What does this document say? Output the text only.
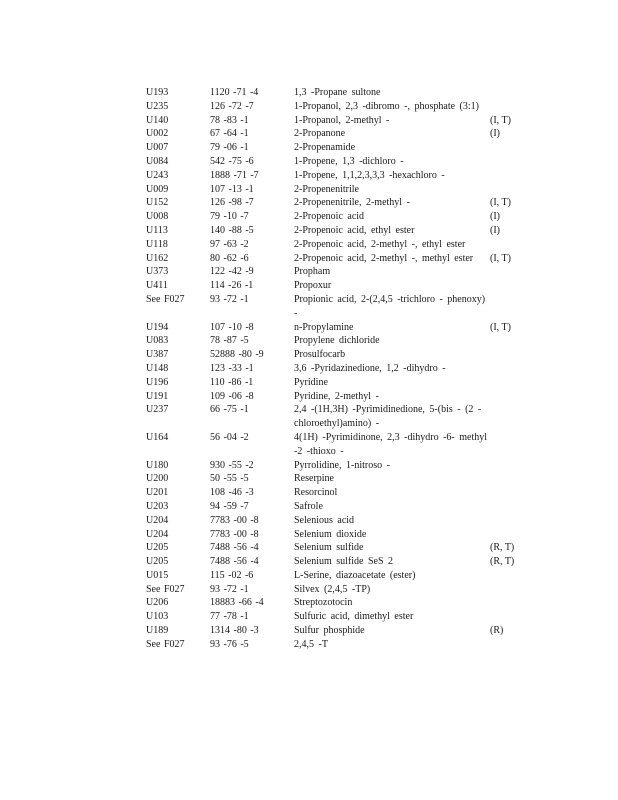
U193	1120 -71 -4	1,3 -Propane sultone
U235	126 -72 -7	1-Propanol, 2,3 -dibromo -, phosphate (3:1)
U140	78 -83 -1	1-Propanol, 2-methyl -	(I, T)
U002	67 -64 -1	2-Propanone	(I)
U007	79 -06 -1	2-Propenamide
U084	542 -75 -6	1-Propene, 1,3 -dichloro -
U243	1888 -71 -7	1-Propene, 1,1,2,3,3,3 -hexachloro -
U009	107 -13 -1	2-Propenenitrile
U152	126 -98 -7	2-Propenenitrile, 2-methyl -	(I, T)
U008	79 -10 -7	2-Propenoic acid	(I)
U113	140 -88 -5	2-Propenoic acid, ethyl ester	(I)
U118	97 -63 -2	2-Propenoic acid, 2-methyl -, ethyl ester
U162	80 -62 -6	2-Propenoic acid, 2-methyl -, methyl ester	(I, T)
U373	122 -42 -9	Propham
U411	114 -26 -1	Propoxur
See F027	93 -72 -1	Propionic acid, 2-(2,4,5 -trichloro - phenoxy) -
U194	107 -10 -8	n-Propylamine	(I, T)
U083	78 -87 -5	Propylene dichloride
U387	52888 -80 -9	Prosulfocarb
U148	123 -33 -1	3,6 -Pyridazinedione, 1,2 -dihydro -
U196	110 -86 -1	Pyridine
U191	109 -06 -8	Pyridine, 2-methyl -
U237	66 -75 -1	2,4 -(1H,3H) -Pyrimidinedione, 5-(bis - (2 -chloroethyl)amino) -
U164	56 -04 -2	4(1H) -Pyrimidinone, 2,3 -dihydro -6- methyl -2 -thioxo -
U180	930 -55 -2	Pyrrolidine, 1-nitroso -
U200	50 -55 -5	Reserpine
U201	108 -46 -3	Resorcinol
U203	94 -59 -7	Safrole
U204	7783 -00 -8	Selenious acid
U204	7783 -00 -8	Selenium dioxide
U205	7488 -56 -4	Selenium sulfide	(R, T)
U205	7488 -56 -4	Selenium sulfide SeS 2	(R, T)
U015	115 -02 -6	L-Serine, diazoacetate (ester)
See F027	93 -72 -1	Silvex (2,4,5 -TP)
U206	18883 -66 -4	Streptozotocin
U103	77 -78 -1	Sulfuric acid, dimethyl ester
U189	1314 -80 -3	Sulfur phosphide	(R)
See F027	93 -76 -5	2,4,5 -T
